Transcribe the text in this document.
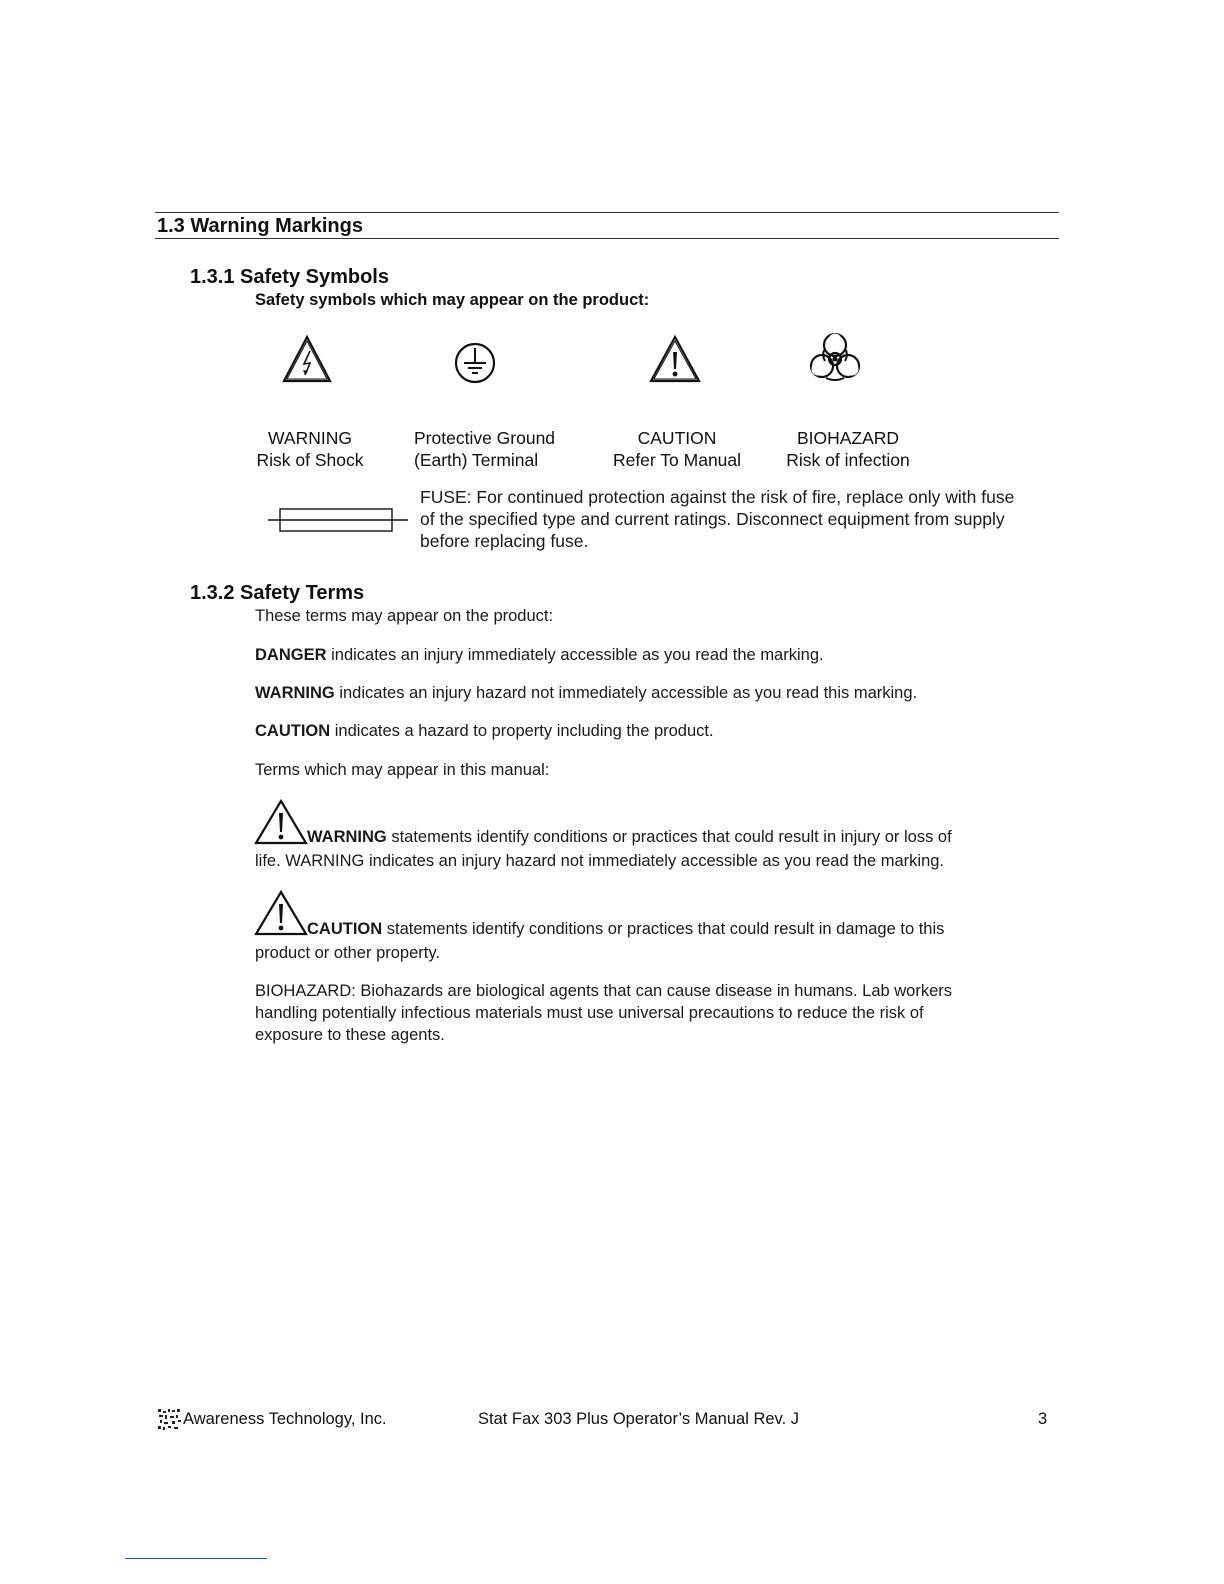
1.3 Warning Markings
1.3.1 Safety Symbols
Safety symbols which may appear on the product:
WARNING
Risk of Shock
Protective Ground
(Earth) Terminal
CAUTION
Refer To Manual
BIOHAZARD
Risk of infection
FUSE: For continued protection against the risk of fire, replace only with fuse
of the specified type and current ratings. Disconnect equipment from supply
before replacing fuse.
1.3.2 Safety Terms
These terms may appear on the product:
DANGER indicates an injury immediately accessible as you read the marking.
WARNING indicates an injury hazard not immediately accessible as you read this marking.
CAUTION indicates a hazard to property including the product.
Terms which may appear in this manual:
WARNING statements identify conditions or practices that could result in injury or loss of
life. WARNING indicates an injury hazard not immediately accessible as you read the marking.
CAUTION statements identify conditions or practices that could result in damage to this
product or other property.
BIOHAZARD: Biohazards are biological agents that can cause disease in humans. Lab workers
handling potentially infectious materials must use universal precautions to reduce the risk of
exposure to these agents.
Awareness Technology, Inc.	Stat Fax 303 Plus Operator’s Manual Rev. J	3
